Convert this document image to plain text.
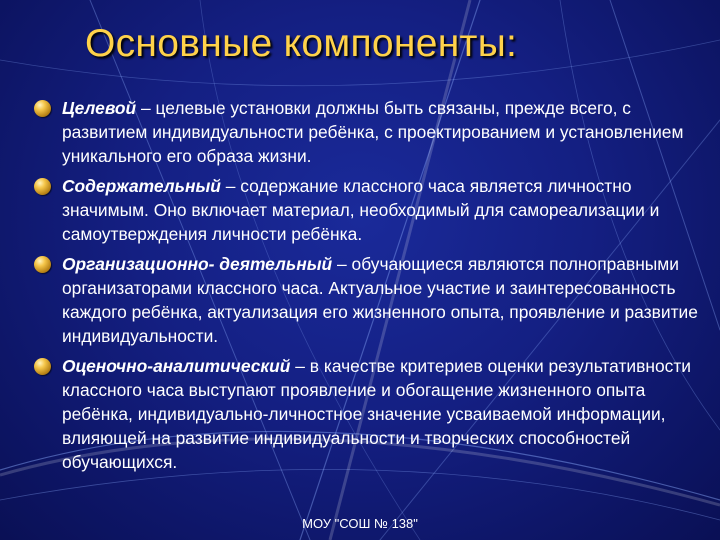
Основные компоненты:
Целевой – целевые установки должны быть связаны, прежде всего, с развитием индивидуальности ребёнка, с проектированием и установлением уникального его образа жизни.
Содержательный – содержание классного часа является личностно значимым. Оно включает материал, необходимый для самореализации и самоутверждения личности ребёнка.
Организационно- деятельный – обучающиеся являются полноправными организаторами классного часа. Актуальное участие и заинтересованность каждого ребёнка, актуализация его жизненного опыта, проявление и развитие индивидуальности.
Оценочно-аналитический – в качестве критериев оценки результативности классного часа выступают проявление и обогащение жизненного опыта ребёнка, индивидуально-личностное значение усваиваемой информации, влияющей на развитие индивидуальности и творческих способностей обучающихся.
МОУ "СОШ № 138"
